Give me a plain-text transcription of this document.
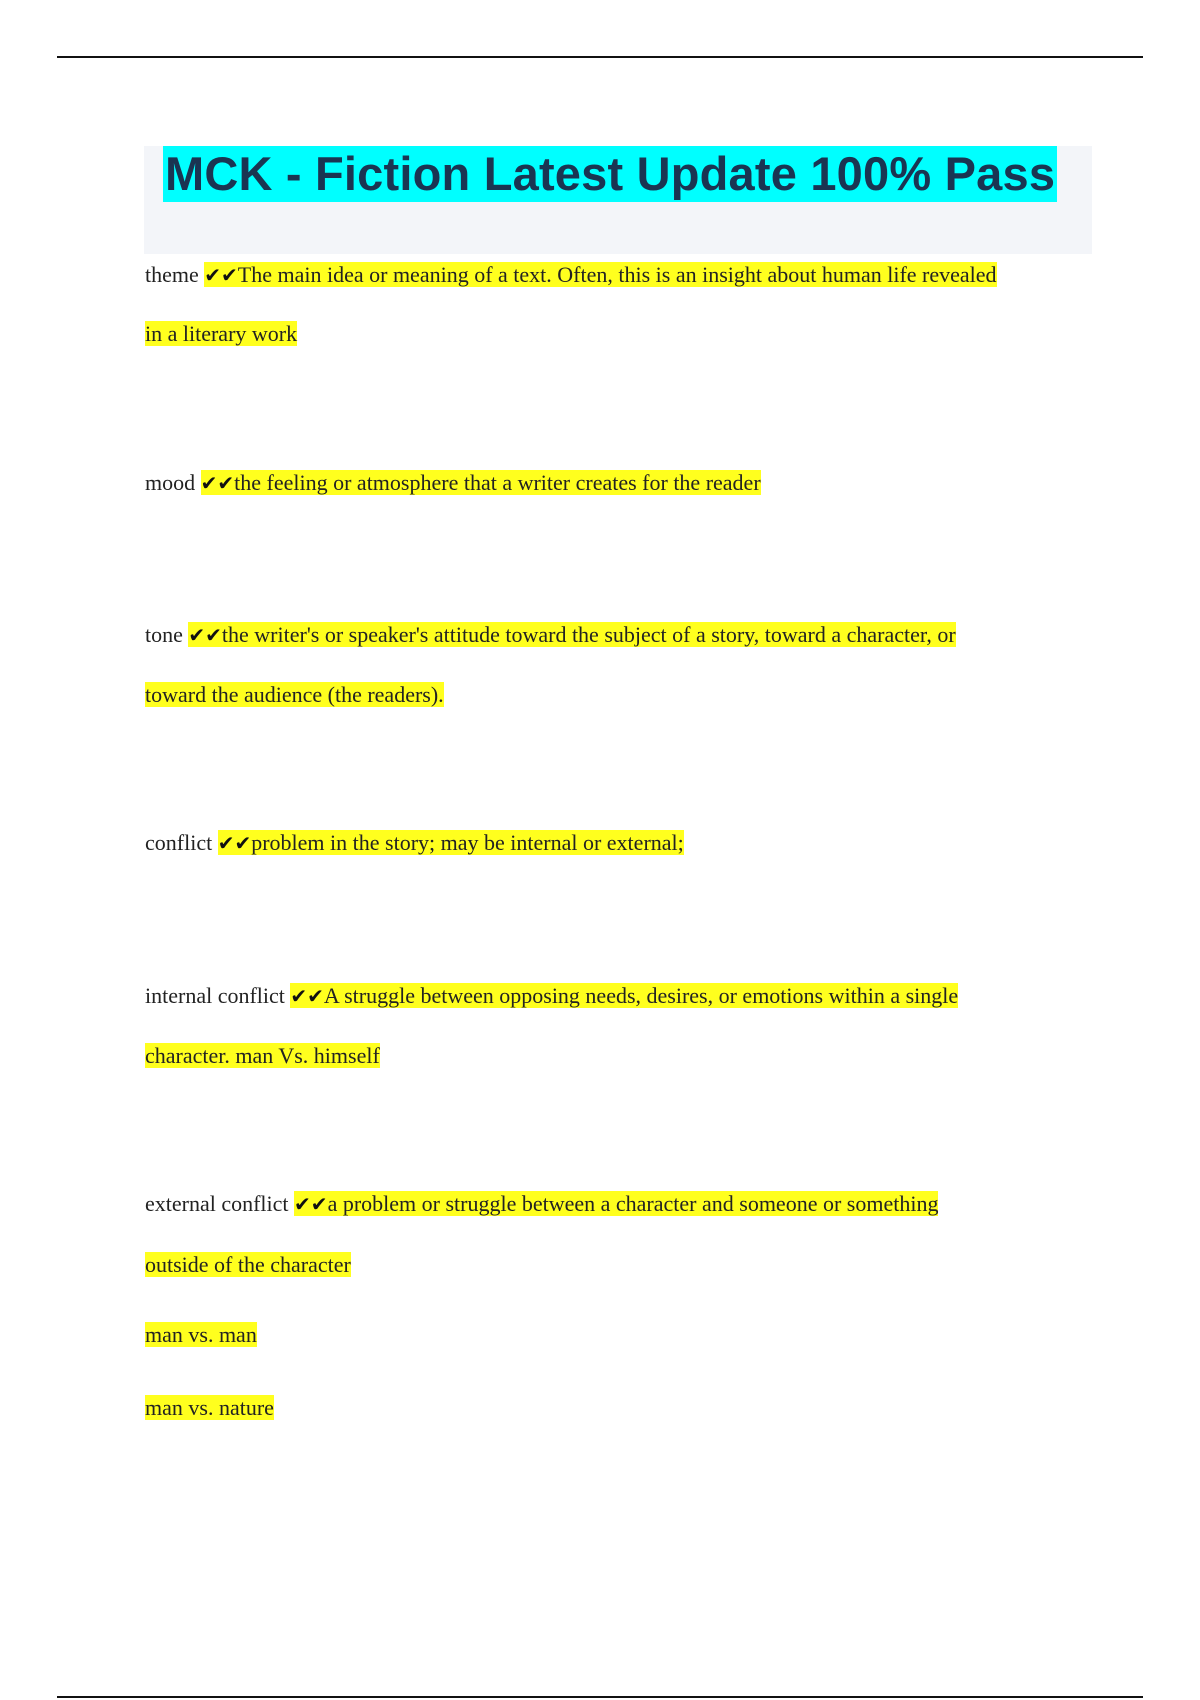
MCK - Fiction Latest Update 100% Pass
theme ✔✔The main idea or meaning of a text. Often, this is an insight about human life revealed
in a literary work
mood ✔✔the feeling or atmosphere that a writer creates for the reader
tone ✔✔the writer's or speaker's attitude toward the subject of a story, toward a character, or
toward the audience (the readers).
conflict ✔✔problem in the story; may be internal or external;
internal conflict ✔✔A struggle between opposing needs, desires, or emotions within a single
character. man Vs. himself
external conflict ✔✔a problem or struggle between a character and someone or something
outside of the character
man vs. man
man vs. nature
